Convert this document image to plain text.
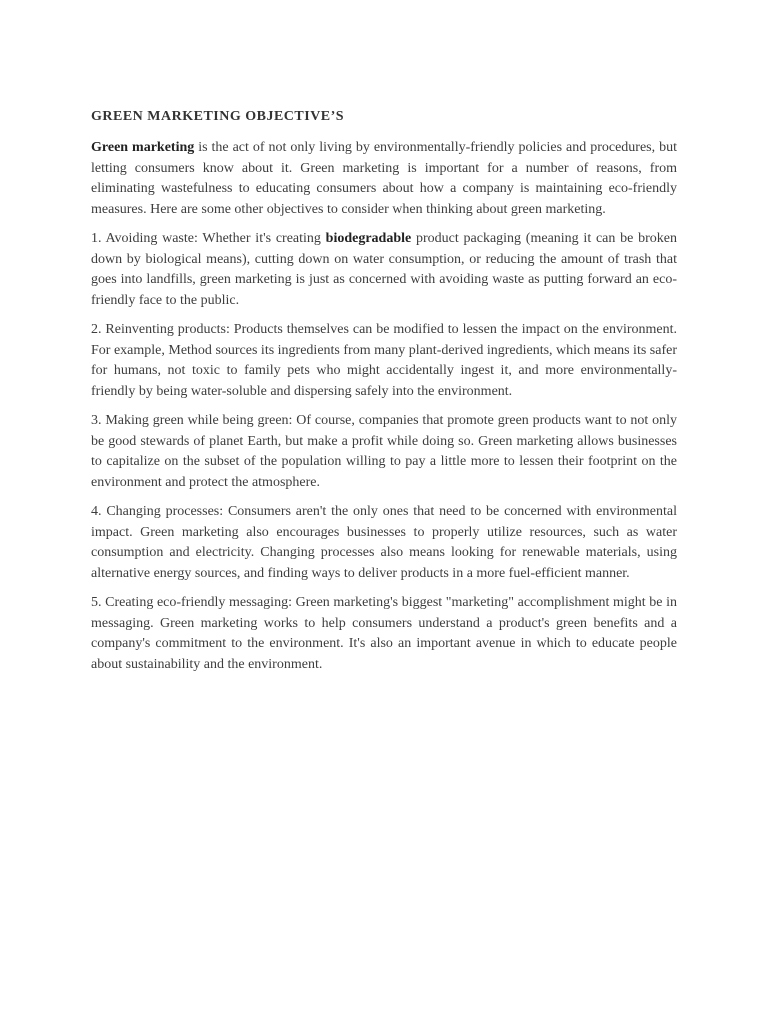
GREEN MARKETING OBJECTIVE’S

Green marketing is the act of not only living by environmentally-friendly policies and procedures, but letting consumers know about it. Green marketing is important for a number of reasons, from eliminating wastefulness to educating consumers about how a company is maintaining eco-friendly measures. Here are some other objectives to consider when thinking about green marketing.

1. Avoiding waste: Whether it's creating biodegradable product packaging (meaning it can be broken down by biological means), cutting down on water consumption, or reducing the amount of trash that goes into landfills, green marketing is just as concerned with avoiding waste as putting forward an eco-friendly face to the public.

2. Reinventing products: Products themselves can be modified to lessen the impact on the environment. For example, Method sources its ingredients from many plant-derived ingredients, which means its safer for humans, not toxic to family pets who might accidentally ingest it, and more environmentally-friendly by being water-soluble and dispersing safely into the environment.

3. Making green while being green: Of course, companies that promote green products want to not only be good stewards of planet Earth, but make a profit while doing so. Green marketing allows businesses to capitalize on the subset of the population willing to pay a little more to lessen their footprint on the environment and protect the atmosphere.

4. Changing processes: Consumers aren't the only ones that need to be concerned with environmental impact. Green marketing also encourages businesses to properly utilize resources, such as water consumption and electricity. Changing processes also means looking for renewable materials, using alternative energy sources, and finding ways to deliver products in a more fuel-efficient manner.

5. Creating eco-friendly messaging: Green marketing's biggest "marketing" accomplishment might be in messaging. Green marketing works to help consumers understand a product's green benefits and a company's commitment to the environment. It's also an important avenue in which to educate people about sustainability and the environment.
